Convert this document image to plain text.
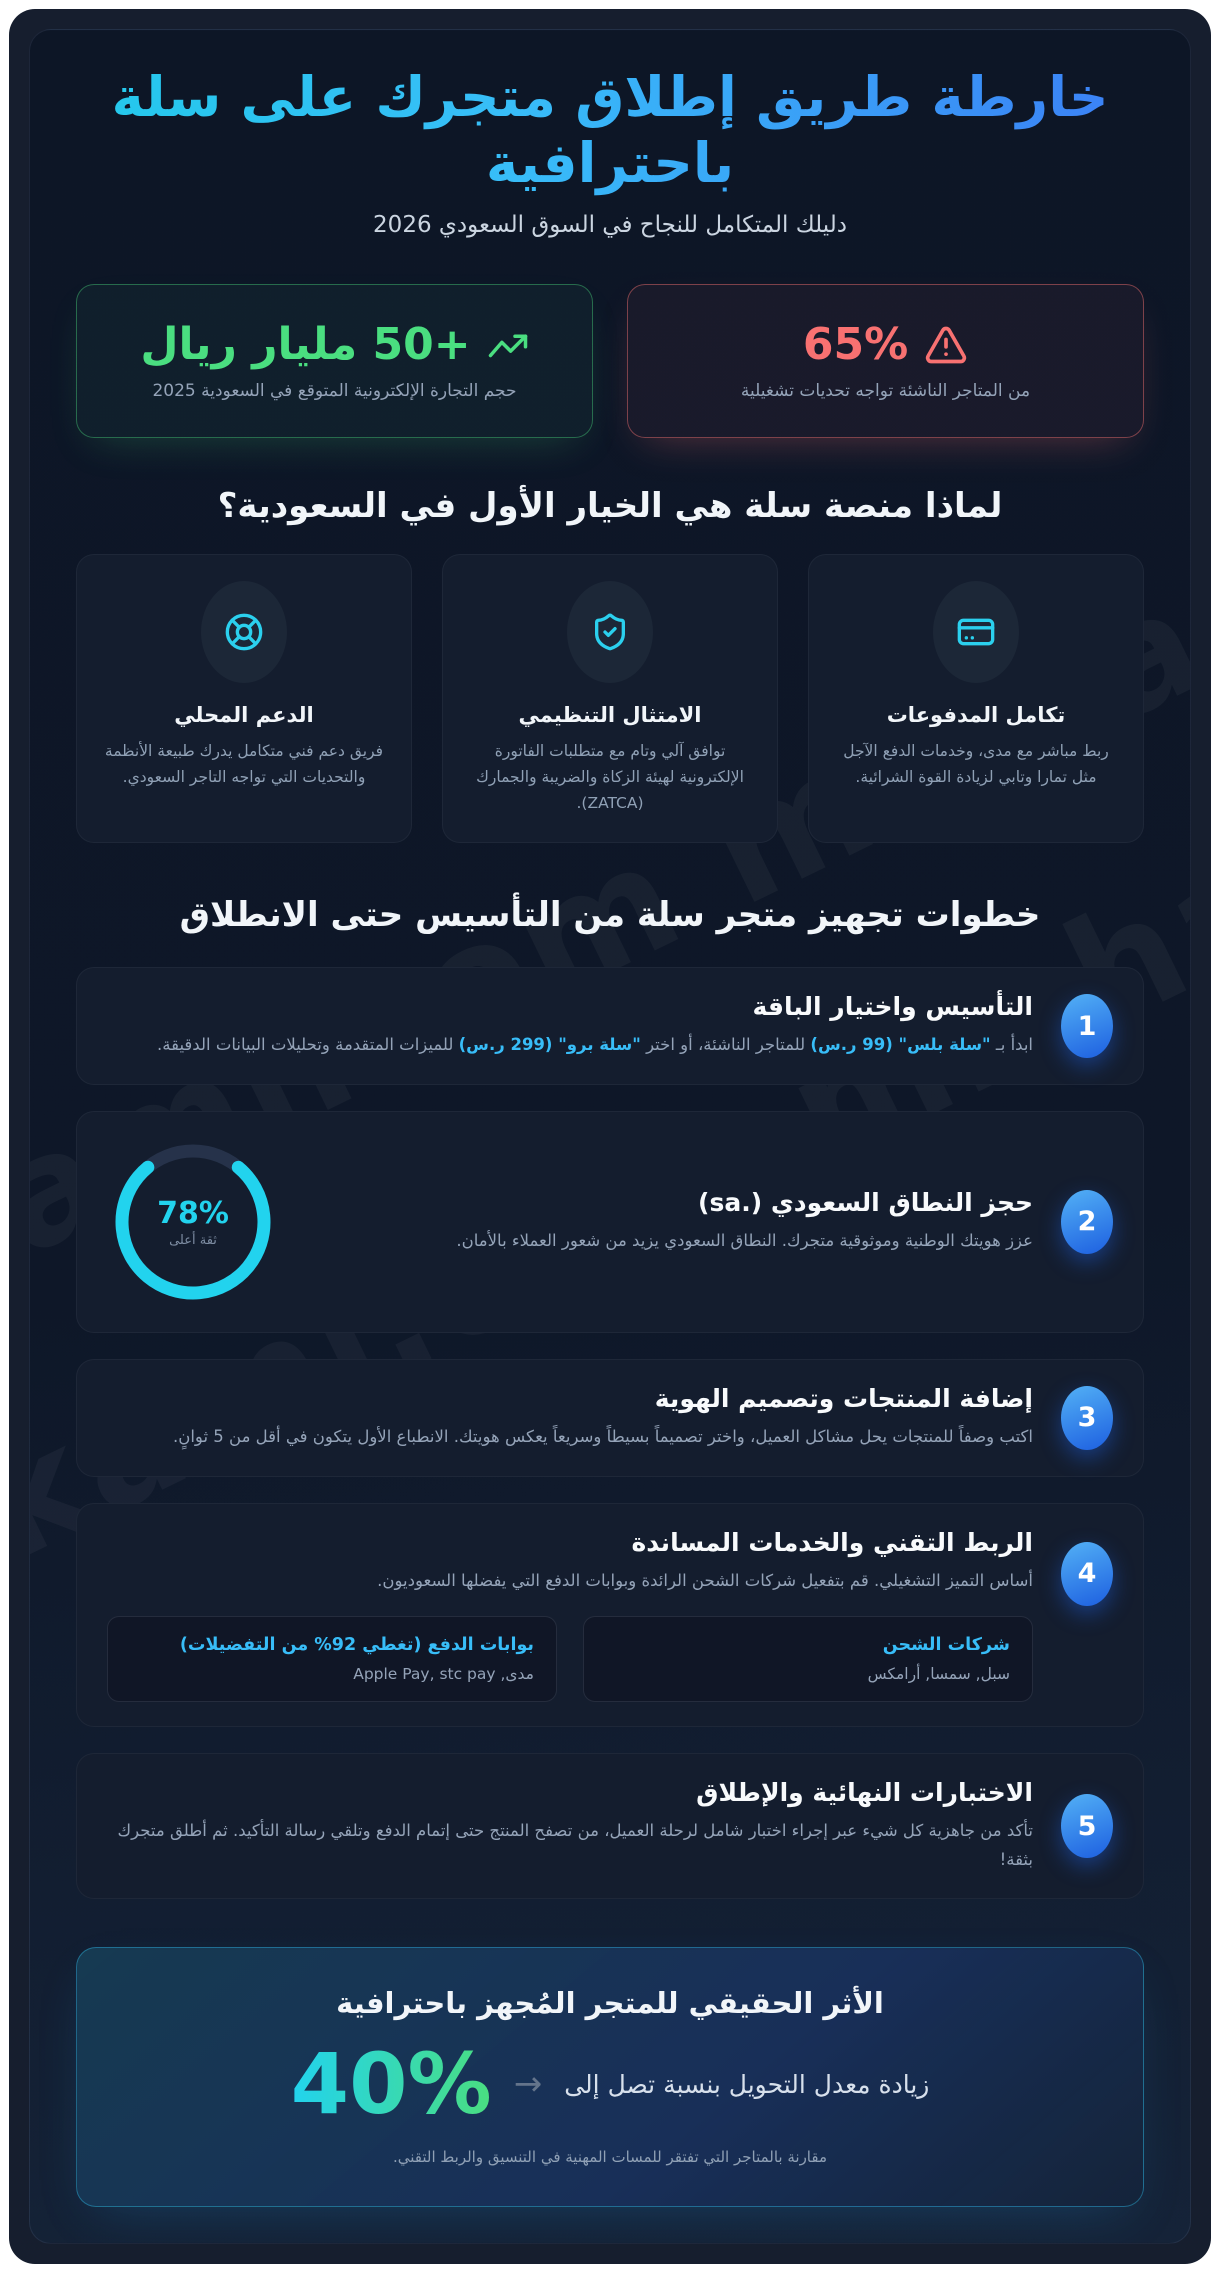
خارطة طريق إطلاق متجرك على سلة باحترافية
دليلك المتكامل للنجاح في السوق السعودي 2026
65%
من المتاجر الناشئة تواجه تحديات تشغيلية
+50 مليار ريال
حجم التجارة الإلكترونية المتوقع في السعودية 2025
لماذا منصة سلة هي الخيار الأول في السعودية؟
تكامل المدفوعات
ربط مباشر مع مدى، وخدمات الدفع الآجل مثل تمارا وتابي لزيادة القوة الشرائية.
الامتثال التنظيمي
توافق آلي وتام مع متطلبات الفاتورة الإلكترونية لهيئة الزكاة والضريبة والجمارك (ZATCA).
الدعم المحلي
فريق دعم فني متكامل يدرك طبيعة الأنظمة والتحديات التي تواجه التاجر السعودي.
خطوات تجهيز متجر سلة من التأسيس حتى الانطلاق
1
التأسيس واختيار الباقة
ابدأ بـ "سلة بلس" (99 ر.س) للمتاجر الناشئة، أو اختر "سلة برو" (299 ر.س) للميزات المتقدمة وتحليلات البيانات الدقيقة.
2
حجز النطاق السعودي (.sa)
عزز هويتك الوطنية وموثوقية متجرك. النطاق السعودي يزيد من شعور العملاء بالأمان.
78%
ثقة أعلى
3
إضافة المنتجات وتصميم الهوية
اكتب وصفاً للمنتجات يحل مشاكل العميل، واختر تصميماً بسيطاً وسريعاً يعكس هويتك. الانطباع الأول يتكون في أقل من 5 ثوانٍ.
4
الربط التقني والخدمات المساندة
أساس التميز التشغيلي. قم بتفعيل شركات الشحن الرائدة وبوابات الدفع التي يفضلها السعوديون.
شركات الشحن
سبل, سمسا, أرامكس
بوابات الدفع (تغطي 92% من التفضيلات)
مدى, Apple Pay, stc pay
5
الاختبارات النهائية والإطلاق
تأكد من جاهزية كل شيء عبر إجراء اختبار شامل لرحلة العميل، من تصفح المنتج حتى إتمام الدفع وتلقي رسالة التأكيد. ثم أطلق متجرك بثقة!
الأثر الحقيقي للمتجر المُجهز باحترافية
زيادة معدل التحويل بنسبة تصل إلى
→
40%
مقارنة بالمتاجر التي تفتقر للمسات المهنية في التنسيق والربط التقني.
